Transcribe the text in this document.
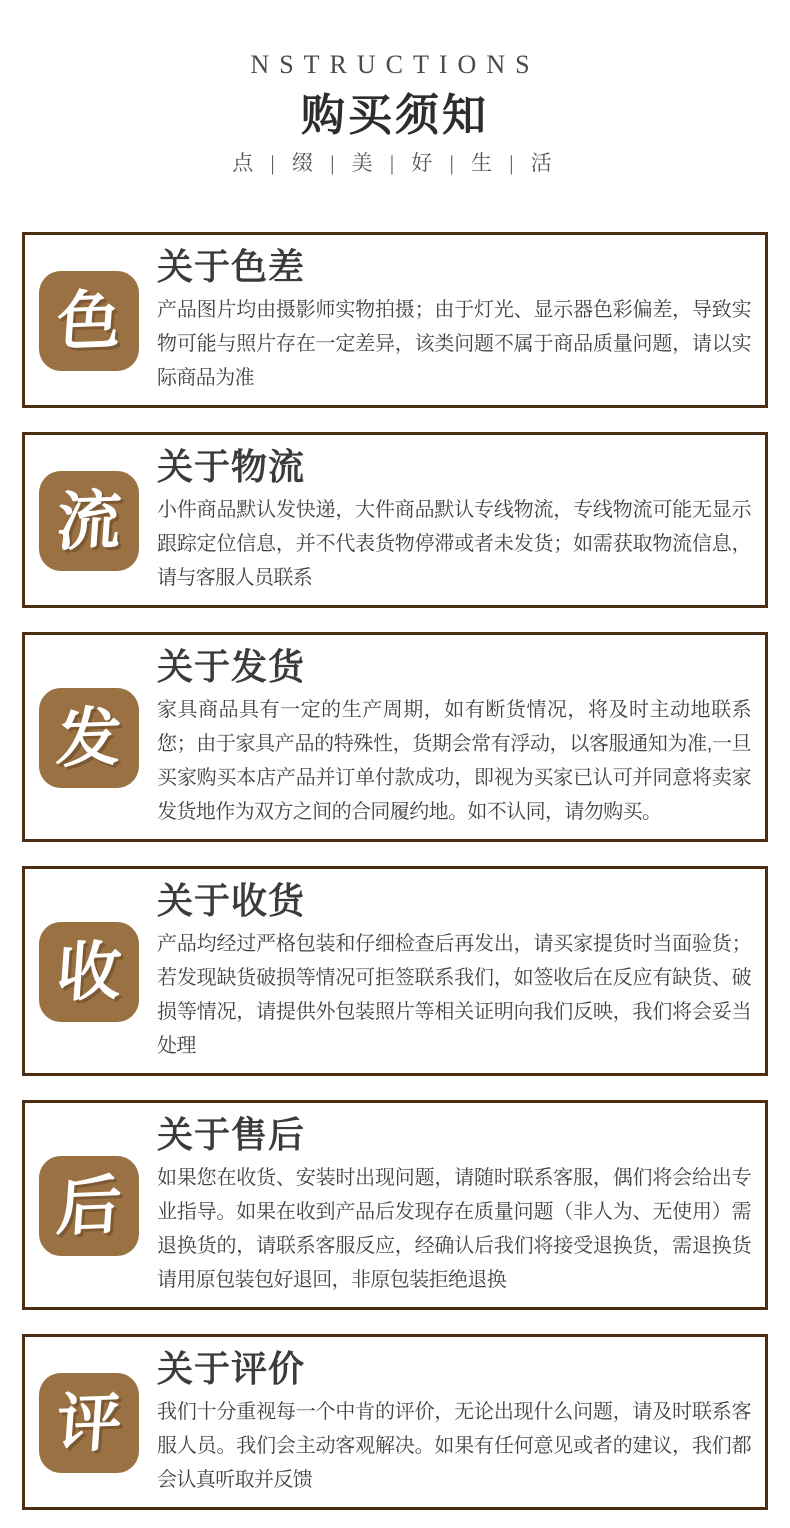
NSTRUCTIONS
购买须知
点 | 缀 | 美 | 好 | 生 | 活
色
关于色差

产品图片均由摄影师实物拍摄；由于灯光、显示器色彩偏差，导致实物可能与照片存在一定差异，该类问题不属于商品质量问题，请以实际商品为准

流
关于物流

小件商品默认发快递，大件商品默认专线物流，专线物流可能无显示跟踪定位信息，并不代表货物停滞或者未发货；如需获取物流信息，请与客服人员联系

发
关于发货

家具商品具有一定的生产周期，如有断货情况，将及时主动地联系您；由于家具产品的特殊性，货期会常有浮动，以客服通知为准,一旦买家购买本店产品并订单付款成功，即视为买家已认可并同意将卖家发货地作为双方之间的合同履约地。如不认同，请勿购买。

收
关于收货

产品均经过严格包装和仔细检查后再发出，请买家提货时当面验货；若发现缺货破损等情况可拒签联系我们，如签收后在反应有缺货、破损等情况，请提供外包装照片等相关证明向我们反映，我们将会妥当处理

后
关于售后

如果您在收货、安装时出现问题，请随时联系客服，偶们将会给出专业指导。如果在收到产品后发现存在质量问题（非人为、无使用）需退换货的，请联系客服反应，经确认后我们将接受退换货，需退换货请用原包装包好退回，非原包装拒绝退换

评
关于评价

我们十分重视每一个中肯的评价，无论出现什么问题，请及时联系客服人员。我们会主动客观解决。如果有任何意见或者的建议，我们都会认真听取并反馈
